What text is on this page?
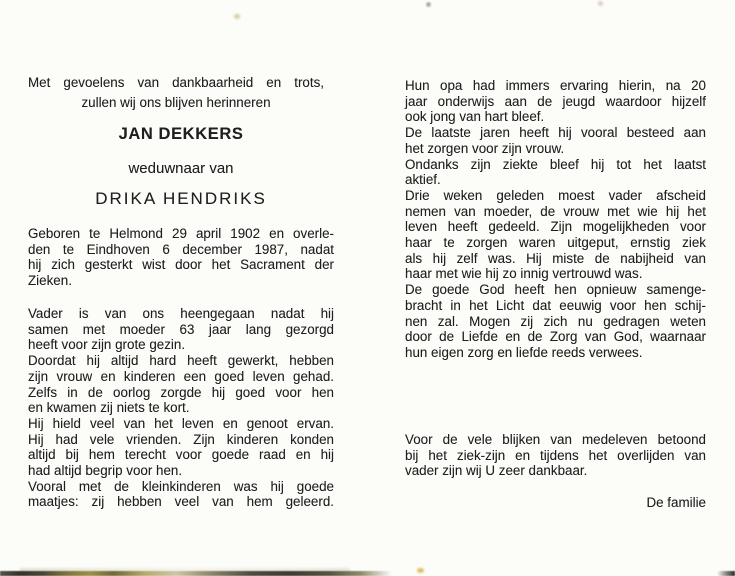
Met gevoelens van dankbaarheid en trots,
zullen wij ons blijven herinneren
JAN DEKKERS
weduwnaar van
DRIKA HENDRIKS
Geboren te Helmond 29 april 1902 en overle-
den te Eindhoven 6 december 1987, nadat
hij zich gesterkt wist door het Sacrament der
Zieken.
Vader is van ons heengegaan nadat hij
samen met moeder 63 jaar lang gezorgd
heeft voor zijn grote gezin.
Doordat hij altijd hard heeft gewerkt, hebben
zijn vrouw en kinderen een goed leven gehad.
Zelfs in de oorlog zorgde hij goed voor hen
en kwamen zij niets te kort.
Hij hield veel van het leven en genoot ervan.
Hij had vele vrienden. Zijn kinderen konden
altijd bij hem terecht voor goede raad en hij
had altijd begrip voor hen.
Vooral met de kleinkinderen was hij goede
maatjes: zij hebben veel van hem geleerd.
Hun opa had immers ervaring hierin, na 20
jaar onderwijs aan de jeugd waardoor hijzelf
ook jong van hart bleef.
De laatste jaren heeft hij vooral besteed aan
het zorgen voor zijn vrouw.
Ondanks zijn ziekte bleef hij tot het laatst
aktief.
Drie weken geleden moest vader afscheid
nemen van moeder, de vrouw met wie hij het
leven heeft gedeeld. Zijn mogelijkheden voor
haar te zorgen waren uitgeput, ernstig ziek
als hij zelf was. Hij miste de nabijheid van
haar met wie hij zo innig vertrouwd was.
De goede God heeft hen opnieuw samenge-
bracht in het Licht dat eeuwig voor hen schij-
nen zal. Mogen zij zich nu gedragen weten
door de Liefde en de Zorg van God, waarnaar
hun eigen zorg en liefde reeds verwees.
Voor de vele blijken van medeleven betoond
bij het ziek-zijn en tijdens het overlijden van
vader zijn wij U zeer dankbaar.
De familie
